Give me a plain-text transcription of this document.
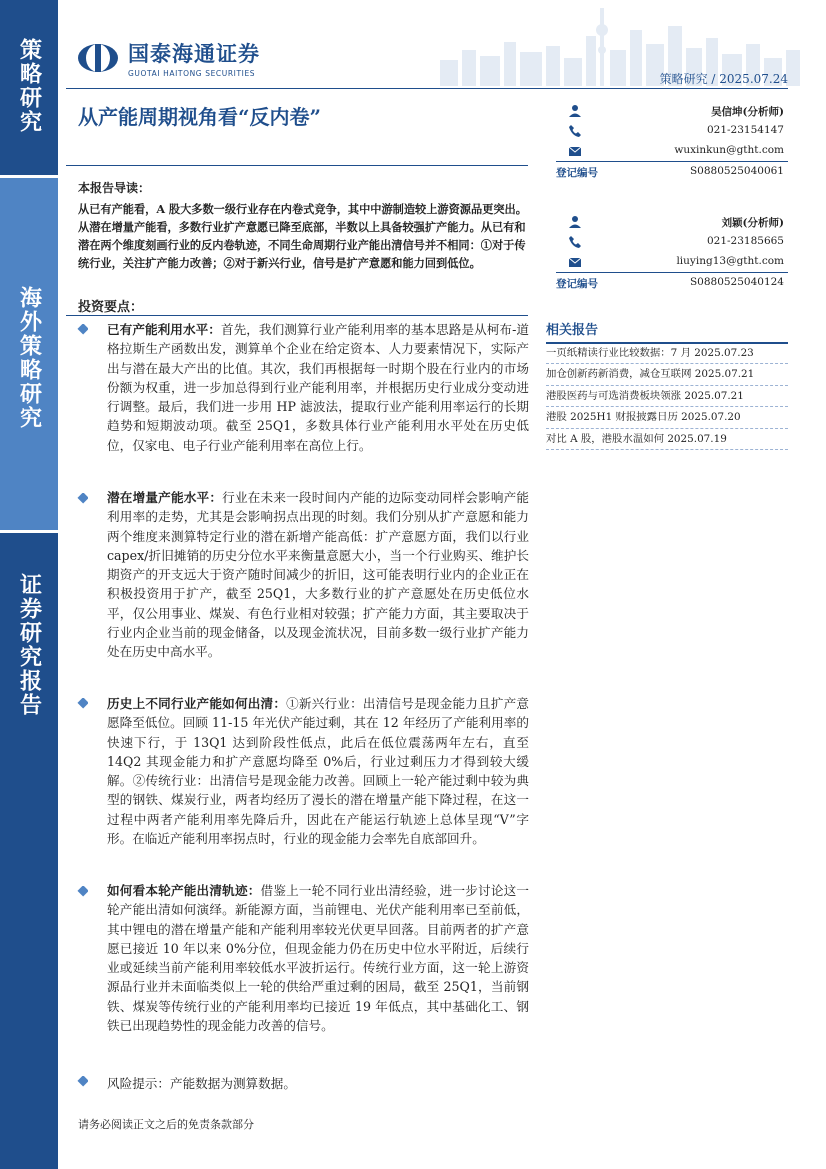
策略研究
海外策略研究
证券研究报告
国泰海通证券
GUOTAI HAITONG SECURITIES	策略研究 / 2025.07.24
从产能周期视角看“反内卷”	吴信坤(分析师)
021-23154147
wuxinkun@gtht.com
登记编号	S0880525040061
刘颖(分析师)
021-23185665
liuying13@gtht.com
登记编号	S0880525040124
本报告导读：
从已有产能看，A 股大多数一级行业存在内卷式竞争，其中中游制造较上游资源品更突出。从潜在增量产能看，多数行业扩产意愿已降至底部，半数以上具备较强扩产能力。从已有和潜在两个维度刻画行业的反内卷轨迹，不同生命周期行业产能出清信号并不相同：①对于传统行业，关注扩产能力改善；②对于新兴行业，信号是扩产意愿和能力回到低位。
投资要点：
已有产能利用水平：首先，我们测算行业产能利用率的基本思路是从柯布-道格拉斯生产函数出发，测算单个企业在给定资本、人力要素情况下，实际产出与潜在最大产出的比值。其次，我们再根据每一时期个股在行业内的市场份额为权重，进一步加总得到行业产能利用率，并根据历史行业成分变动进行调整。最后，我们进一步用 HP 滤波法，提取行业产能利用率运行的长期趋势和短期波动项。截至 25Q1，多数具体行业产能利用水平处在历史低位，仅家电、电子行业产能利用率在高位上行。
潜在增量产能水平：行业在未来一段时间内产能的边际变动同样会影响产能利用率的走势，尤其是会影响拐点出现的时刻。我们分别从扩产意愿和能力两个维度来测算特定行业的潜在新增产能高低：扩产意愿方面，我们以行业 capex/折旧摊销的历史分位水平来衡量意愿大小，当一个行业购买、维护长期资产的开支远大于资产随时间减少的折旧，这可能表明行业内的企业正在积极投资用于扩产，截至 25Q1，大多数行业的扩产意愿处在历史低位水平，仅公用事业、煤炭、有色行业相对较强；扩产能力方面，其主要取决于行业内企业当前的现金储备，以及现金流状况，目前多数一级行业扩产能力处在历史中高水平。
历史上不同行业产能如何出清：①新兴行业：出清信号是现金能力且扩产意愿降至低位。回顾 11-15 年光伏产能过剩，其在 12 年经历了产能利用率的快速下行，于 13Q1 达到阶段性低点，此后在低位震荡两年左右，直至 14Q2 其现金能力和扩产意愿均降至 0%后，行业过剩压力才得到较大缓解。②传统行业：出清信号是现金能力改善。回顾上一轮产能过剩中较为典型的钢铁、煤炭行业，两者均经历了漫长的潜在增量产能下降过程，在这一过程中两者产能利用率先降后升，因此在产能运行轨迹上总体呈现“V”字形。在临近产能利用率拐点时，行业的现金能力会率先自底部回升。
如何看本轮产能出清轨迹：借鉴上一轮不同行业出清经验，进一步讨论这一轮产能出清如何演绎。新能源方面，当前锂电、光伏产能利用率已至前低，其中锂电的潜在增量产能和产能利用率较光伏更早回落。目前两者的扩产意愿已接近 10 年以来 0%分位，但现金能力仍在历史中位水平附近，后续行业或延续当前产能利用率较低水平波折运行。传统行业方面，这一轮上游资源品行业并未面临类似上一轮的供给严重过剩的困局，截至 25Q1，当前钢铁、煤炭等传统行业的产能利用率均已接近 19 年低点，其中基础化工、钢铁已出现趋势性的现金能力改善的信号。
风险提示：产能数据为测算数据。
请务必阅读正文之后的免责条款部分
相关报告
一页纸精读行业比较数据：7 月 2025.07.23
加仓创新药新消费，减仓互联网 2025.07.21
港股医药与可选消费板块领涨 2025.07.21
港股 2025H1 财报披露日历 2025.07.20
对比 A 股，港股水温如何 2025.07.19
